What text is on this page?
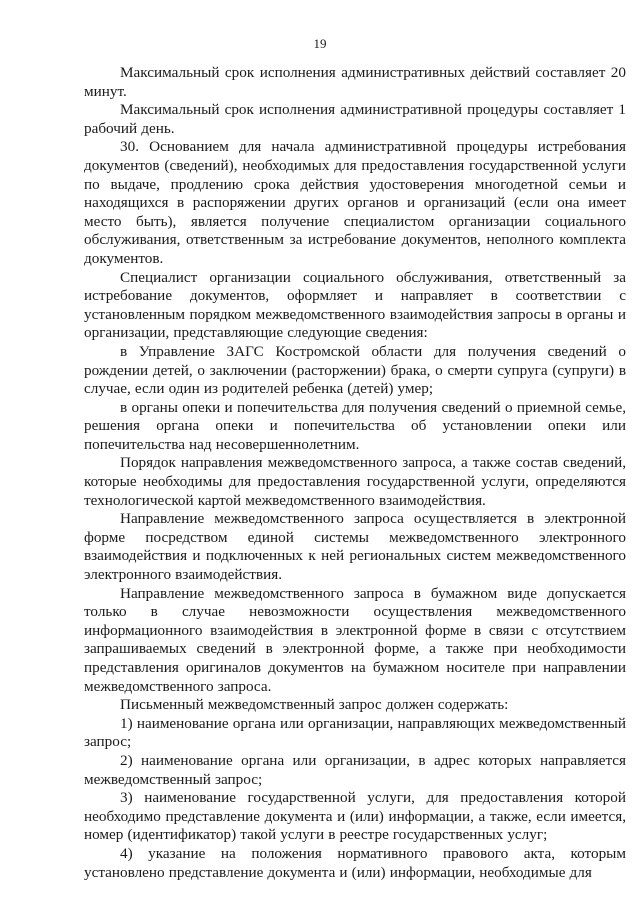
19

Максимальный срок исполнения административных действий составляет 20 минут.

Максимальный срок исполнения административной процедуры составляет 1 рабочий день.

30. Основанием для начала административной процедуры истребования документов (сведений), необходимых для предоставления государственной услуги по выдаче, продлению срока действия удостоверения многодетной семьи и находящихся в распоряжении других органов и организаций (если она имеет место быть), является получение специалистом организации социального обслуживания, ответственным за истребование документов, неполного комплекта документов.

Специалист организации социального обслуживания, ответственный за истребование документов, оформляет и направляет в соответствии с установленным порядком межведомственного взаимодействия запросы в органы и организации, представляющие следующие сведения:

в Управление ЗАГС Костромской области для получения сведений о рождении детей, о заключении (расторжении) брака, о смерти супруга (супруги) в случае, если один из родителей ребенка (детей) умер;

в органы опеки и попечительства для получения сведений о приемной семье, решения органа опеки и попечительства об установлении опеки или попечительства над несовершеннолетним.

Порядок направления межведомственного запроса, а также состав сведений, которые необходимы для предоставления государственной услуги, определяются технологической картой межведомственного взаимодействия.

Направление межведомственного запроса осуществляется в электронной форме посредством единой системы межведомственного электронного взаимодействия и подключенных к ней региональных систем межведомственного электронного взаимодействия.

Направление межведомственного запроса в бумажном виде допускается только в случае невозможности осуществления межведомственного информационного взаимодействия в электронной форме в связи с отсутствием запрашиваемых сведений в электронной форме, а также при необходимости представления оригиналов документов на бумажном носителе при направлении межведомственного запроса.

Письменный межведомственный запрос должен содержать:

1) наименование органа или организации, направляющих межведомственный запрос;

2) наименование органа или организации, в адрес которых направляется межведомственный запрос;

3) наименование государственной услуги, для предоставления которой необходимо представление документа и (или) информации, а также, если имеется, номер (идентификатор) такой услуги в реестре государственных услуг;

4) указание на положения нормативного правового акта, которым установлено представление документа и (или) информации, необходимые для
